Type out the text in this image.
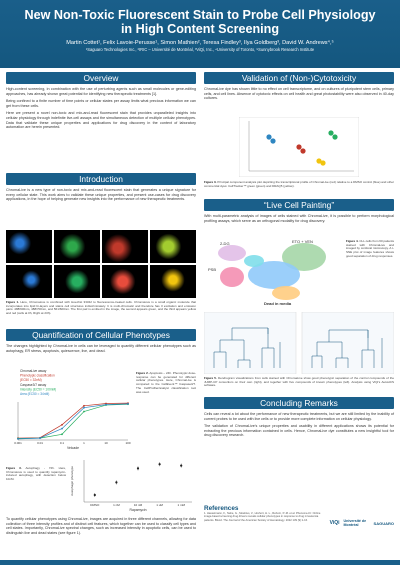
New Non-Toxic Fluorescent Stain to Probe Cell Physiology
in High Content Screening
Martin Cottet¹, Felix Lavoie-Perusse¹, Simon Mathien², Teresa Findley³, Ilya Goldberg³, David W. Andrews⁴,⁵
¹Saguaro Technologies Inc., ²IRIC – Université de Montréal, ³ViQi, Inc., ⁴University of Toronto, ⁵Sunnybrook Research Institute
Overview

High-content screening, in combination with the use of perturbing agents such as small molecules or gene-editing approaches, has already shown great potential for identifying new therapeutic treatments [1].

Being confined to a finite number of time points or cellular states per assay limits what precious information we can get from these cells.

Here we present a novel non-toxic and mix-and-read fluorescent stain that provides unparalleled insights into cellular physiology through indefinite live-cell assays and the simultaneous detection of multiple cellular phenotypes. Data that validate these unique properties and applications for drug discovery in the context of laboratory automation are herein presented.

Introduction

ChromaLive is a new type of non-toxic and mix-and-read fluorescent stain that generates a unique signature for every cellular state. This work aims to validate these unique properties, and present use-cases for drug discovery applications, in the hope of helping generate new insights into the performance of new therapeutic treatments.

Figure 1. Here, ChromaLive is combined with Hoechst 33342 to fluorescence-treated cells. ChromaLive is a small organic molecule that incorporates into lipid bi-layers and stains cell structures indiscriminately. It is multi-chromatic and therefore has 3 excitation and emission pairs: 488/600nm, 488/700nm, and 561/600nm. The first pair is emitted in the image, the second appears green, and the third appears yellow and red (cells at 0h, Right at 23h).
Quantification of Cellular Phenotypes

The changes highlighted by ChromaLive in cells can be leveraged to quantify different cellular phenotypes such as autophagy, ER stress, apoptosis, quiescence, live, and dead.

0.001	0.01	0.1	1	10	100
Velcade
ChromaLive assay
Phenotypic classification
(EC50 = 32nM)
Caspase3/7 assay
Intensity (EC50 = 100nM)
Area (EC50 = 34nM)
Figure 2. Apoptosis – 24h. Phenotypic dose-response can be generated for different cellular phenotypes. Here, ChromaLive is compared to the CellEvent™ Caspase3/7. The CellProfiler/analyst classification tool was used.
Figure 3. Autophagy - 72h. Here, ChromaLive is used to quantify rapamycin-induced autophagy, with detection below 10nM.	Autophagic phenotype
DMSO	1 nM	10 nM	1 uM	1 mM
Rapamycin

To quantify cellular phenotypes using ChromaLive, images are acquired in three different channels, allowing for data collection of three intensity profiles and of distinct cell features, which together can be used to classify cell types and cell states. Importantly, ChromaLive spectral changes, such as increased intensity in apoptotic cells, can be used to distinguish live and dead states (see figure 1).

Validation of (Non-)Cytotoxicity

ChromaLive dye has shown little to no effect on cell transcriptome, and on cultures of pluripotent stem cells, primary cells, and cell lines. Absence of cytotoxic effects on cell health and great photostability were also observed in 40-day cultures.

Figure 3. Principal component analysis plot depicting the transcriptional profile of ChromaLive (red) relative to a DMSO control (blue) and other commercial dyes: CellTracker™ green (green) and DRAQ5 (yellow).
“Live Cell Painting”

With multi-parametric analysis of images of cells stained with ChromaLive, it is possible to perform morphological profiling assays, which serve as an orthogonal modality for drug discovery.

2-DG	ETO + VEN
PSB
Dead in media
Figure 4. CLL cells from 60 patients stained with ChromaLive and imaged by confocal microscopy. A t-SNE plot of image features shows good separation of drug responses.
Figure 5. Dendrogram visualizations from cells stained with ChromaLive show good phenotypic separation of the control compounds of the JUMP-CP consortium on their own (right), and together with five compounds of known phenotypes (left). Analysis using ViQi's AutoHCS software.
Concluding Remarks

Cells can reveal a lot about the performance of new therapeutic treatments, but we are still limited by the inability of current probes to be used with live cells or to provide more complete information on cellular physiology.

The validation of ChromaLive's unique properties and usability in different applications shows its potential for extracting the precious information contained in cells. Hence, ChromaLive dye constitutes a new insightful tool for drug discovery research.

References
1. Hasselmann, F., Nebe, G., Moebius, V., Hrehort, H. L., Rehorn, P.-M. et al. Phenome-IC: Online image-based screening drug drivers reveals cellular phenotypes in response to drug in leukemia patients. Blood. The Journal of the American Society of Hematology. 2022 139 (9):1-16.	ViQi Université de Montréal	SAGUARO
